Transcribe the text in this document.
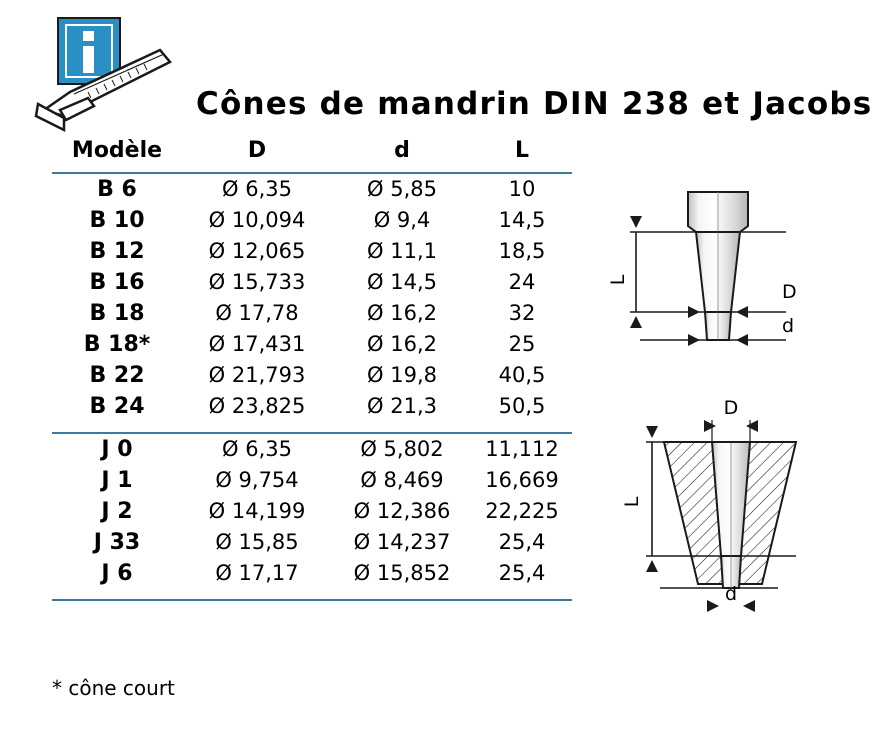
Cônes de mandrin DIN 238 et Jacobs
Modèle	D	d	L

B 6	Ø 6,35	Ø 5,85	10
B 10	Ø 10,094	Ø 9,4	14,5
B 12	Ø 12,065	Ø 11,1	18,5
B 16	Ø 15,733	Ø 14,5	24
B 18	Ø 17,78	Ø 16,2	32
B 18*	Ø 17,431	Ø 16,2	25
B 22	Ø 21,793	Ø 19,8	40,5
B 24	Ø 23,825	Ø 21,3	50,5

J 0	Ø 6,35	Ø 5,802	11,112
J 1	Ø 9,754	Ø 8,469	16,669
J 2	Ø 14,199	Ø 12,386	22,225
J 33	Ø 15,85	Ø 14,237	25,4
J 6	Ø 17,17	Ø 15,852	25,4

* cône court
L
D
d
L
D
d
